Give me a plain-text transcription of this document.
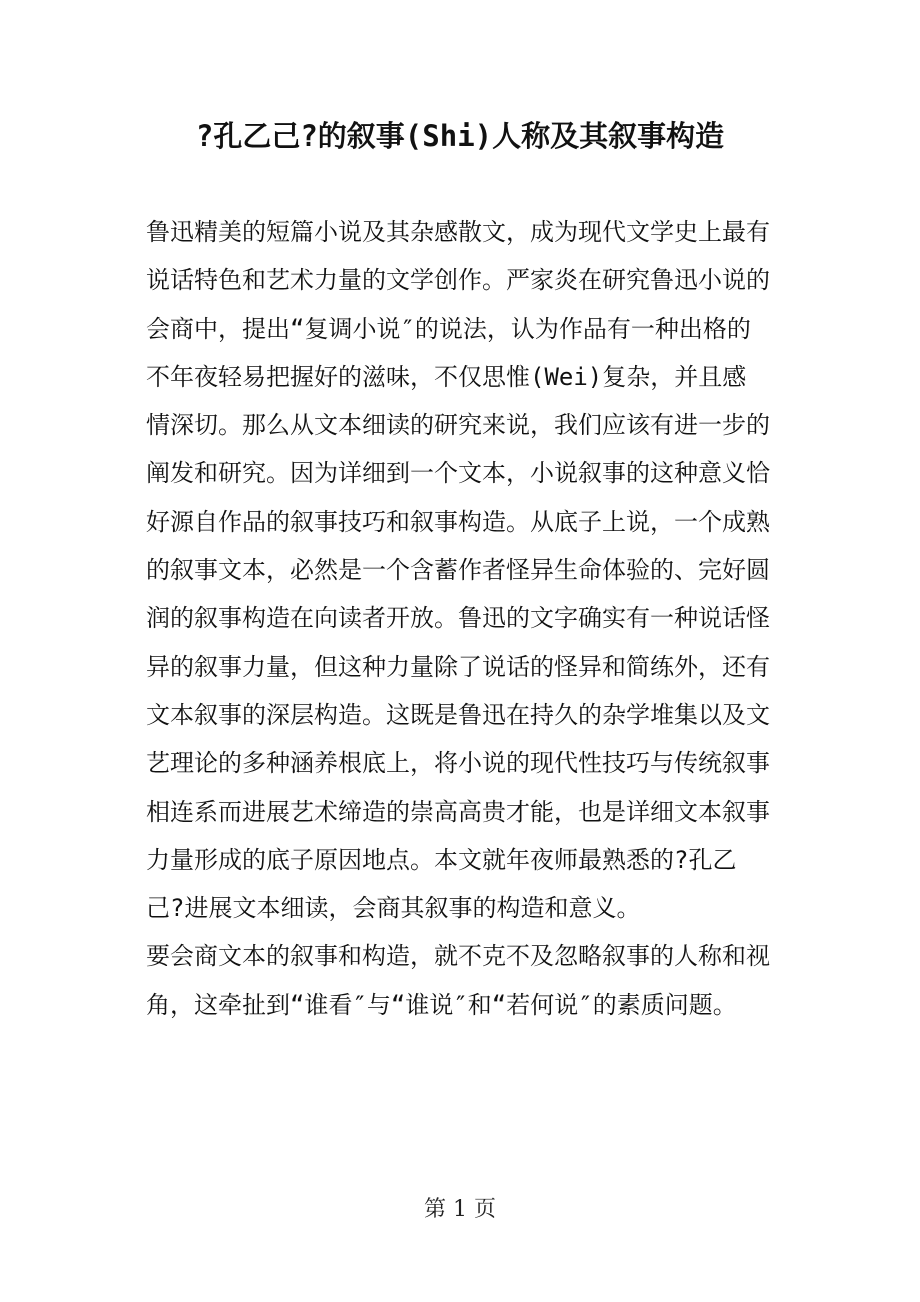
?孔乙己?的叙事(Shi)人称及其叙事构造

鲁迅精美的短篇小说及其杂感散文，成为现代文学史上最有说话特色和艺术力量的文学创作。严家炎在研究鲁迅小说的会商中，提出“复调小说″的说法，认为作品有一种出格的不年夜轻易把握好的滋味，不仅思惟(Wei)复杂，并且感情深切。那么从文本细读的研究来说，我们应该有进一步的阐发和研究。因为详细到一个文本，小说叙事的这种意义恰好源自作品的叙事技巧和叙事构造。从底子上说，一个成熟的叙事文本，必然是一个含蓄作者怪异生命体验的、完好圆润的叙事构造在向读者开放。鲁迅的文字确实有一种说话怪异的叙事力量，但这种力量除了说话的怪异和简练外，还有文本叙事的深层构造。这既是鲁迅在持久的杂学堆集以及文艺理论的多种涵养根底上，将小说的现代性技巧与传统叙事相连系而进展艺术缔造的崇高高贵才能，也是详细文本叙事力量形成的底子原因地点。本文就年夜师最熟悉的?孔乙己?进展文本细读，会商其叙事的构造和意义。

要会商文本的叙事和构造，就不克不及忽略叙事的人称和视角，这牵扯到“谁看″与“谁说″和“若何说″的素质问题。

第 1 页
